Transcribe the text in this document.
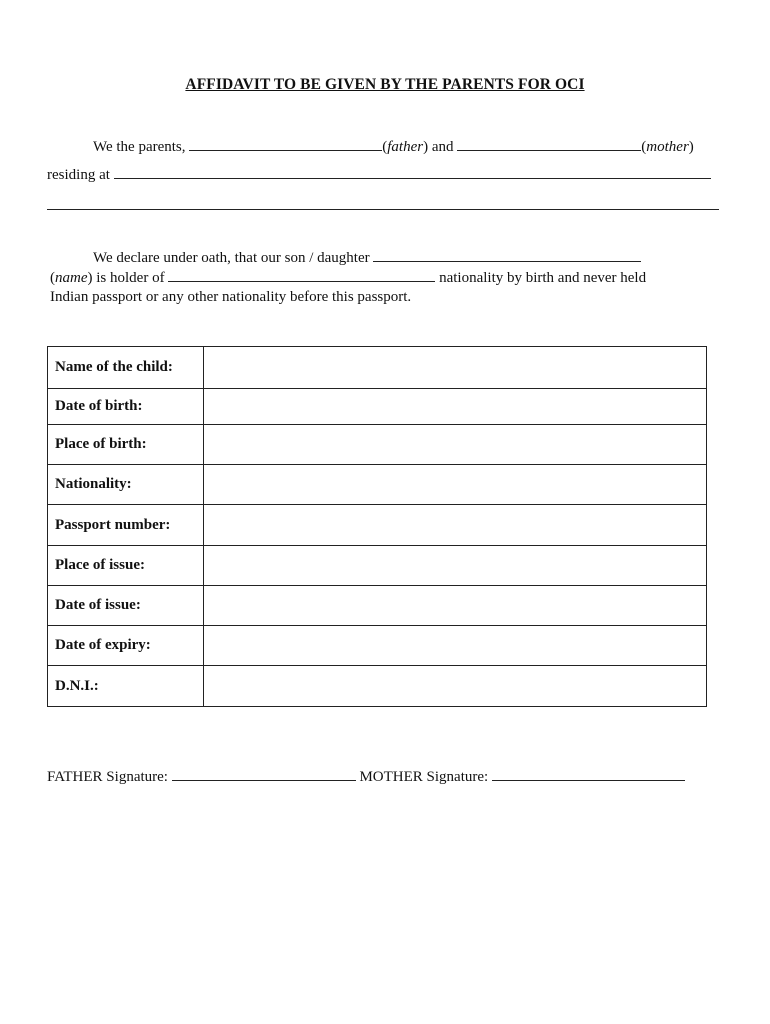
AFFIDAVIT TO BE GIVEN BY THE PARENTS FOR OCI
We the parents,	(father) and	(mother)
residing at
We declare under oath, that our son / daughter
(name) is holder of	nationality by birth and never held
Indian passport or any other nationality before this passport.
Name of the child:	
Date of birth:	
Place of birth:	
Nationality:	
Passport number:	
Place of issue:	
Date of issue:	
Date of expiry:	
D.N.I.:	
FATHER Signature:	MOTHER Signature:
